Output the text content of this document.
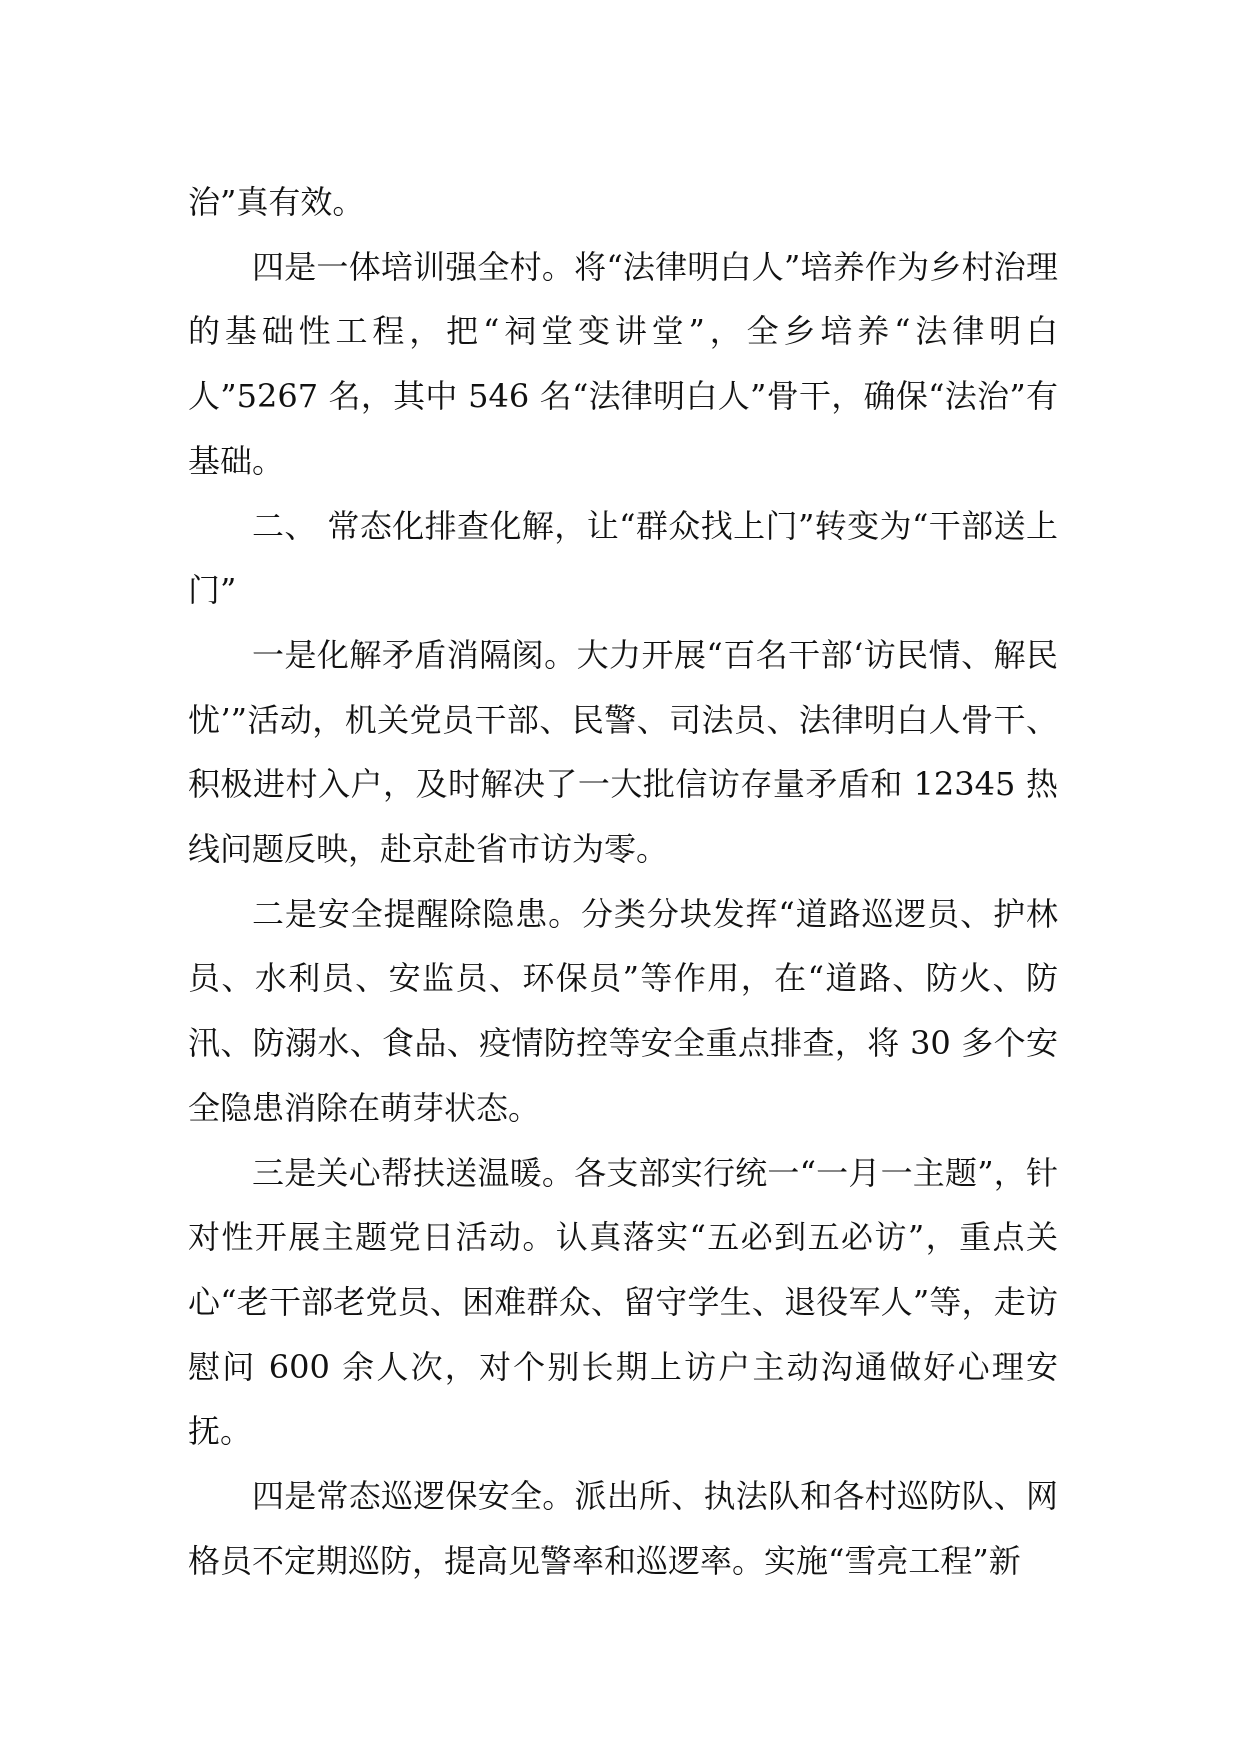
治”真有效。

四是一体培训强全村。将“法律明白人”培养作为乡村治理的基础性工程，把“祠堂变讲堂”，全乡培养“法律明白人”5267 名，其中 546 名“法律明白人”骨干，确保“法治”有基础。

二、 常态化排查化解，让“群众找上门”转变为“干部送上门”

一是化解矛盾消隔阂。大力开展“百名干部‘访民情、解民忧’”活动，机关党员干部、民警、司法员、法律明白人骨干、积极进村入户，及时解决了一大批信访存量矛盾和 12345 热线问题反映，赴京赴省市访为零。

二是安全提醒除隐患。分类分块发挥“道路巡逻员、护林员、水利员、安监员、环保员”等作用，在“道路、防火、防汛、防溺水、食品、疫情防控等安全重点排查，将 30 多个安全隐患消除在萌芽状态。

三是关心帮扶送温暖。各支部实行统一“一月一主题”，针对性开展主题党日活动。认真落实“五必到五必访”，重点关心“老干部老党员、困难群众、留守学生、退役军人”等，走访慰问 600 余人次，对个别长期上访户主动沟通做好心理安抚。

四是常态巡逻保安全。派出所、执法队和各村巡防队、网格员不定期巡防，提高见警率和巡逻率。实施“雪亮工程”新
